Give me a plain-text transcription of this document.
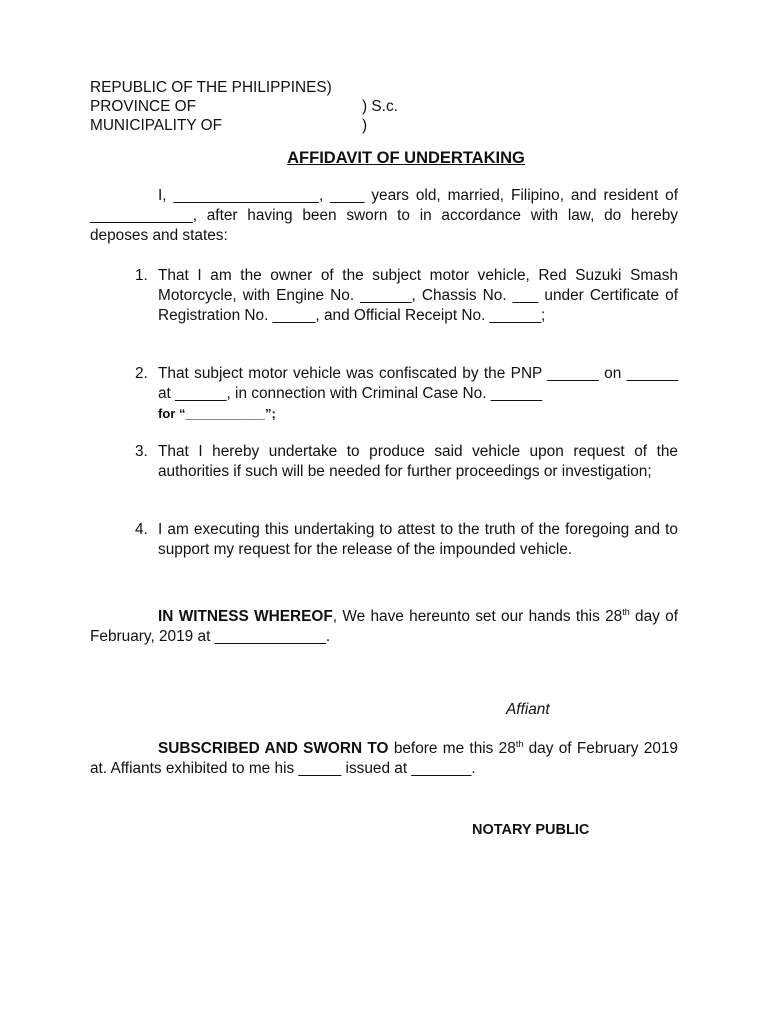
REPUBLIC OF THE PHILIPPINES)
PROVINCE OF	) S.c.
MUNICIPALITY OF	)
AFFIDAVIT OF UNDERTAKING

I, _________________, ____ years old, married, Filipino, and resident of ____________, after having been sworn to in accordance with law, do hereby deposes and states:

1. That I am the owner of the subject motor vehicle, Red Suzuki Smash Motorcycle, with Engine No. ______, Chassis No. ___ under Certificate of Registration No. _____, and Official Receipt No. ______;
2. That subject motor vehicle was confiscated by the PNP ______ on ______ at ______, in connection with Criminal Case No. ______
for “___________”;
3. That I hereby undertake to produce said vehicle upon request of the authorities if such will be needed for further proceedings or investigation;
4. I am executing this undertaking to attest to the truth of the foregoing and to support my request for the release of the impounded vehicle.

IN WITNESS WHEREOF, We have hereunto set our hands this 28th day of February, 2019 at _____________.

Affiant

SUBSCRIBED AND SWORN TO before me this 28th day of February 2019 at. Affiants exhibited to me his _____ issued at _______.

NOTARY PUBLIC
